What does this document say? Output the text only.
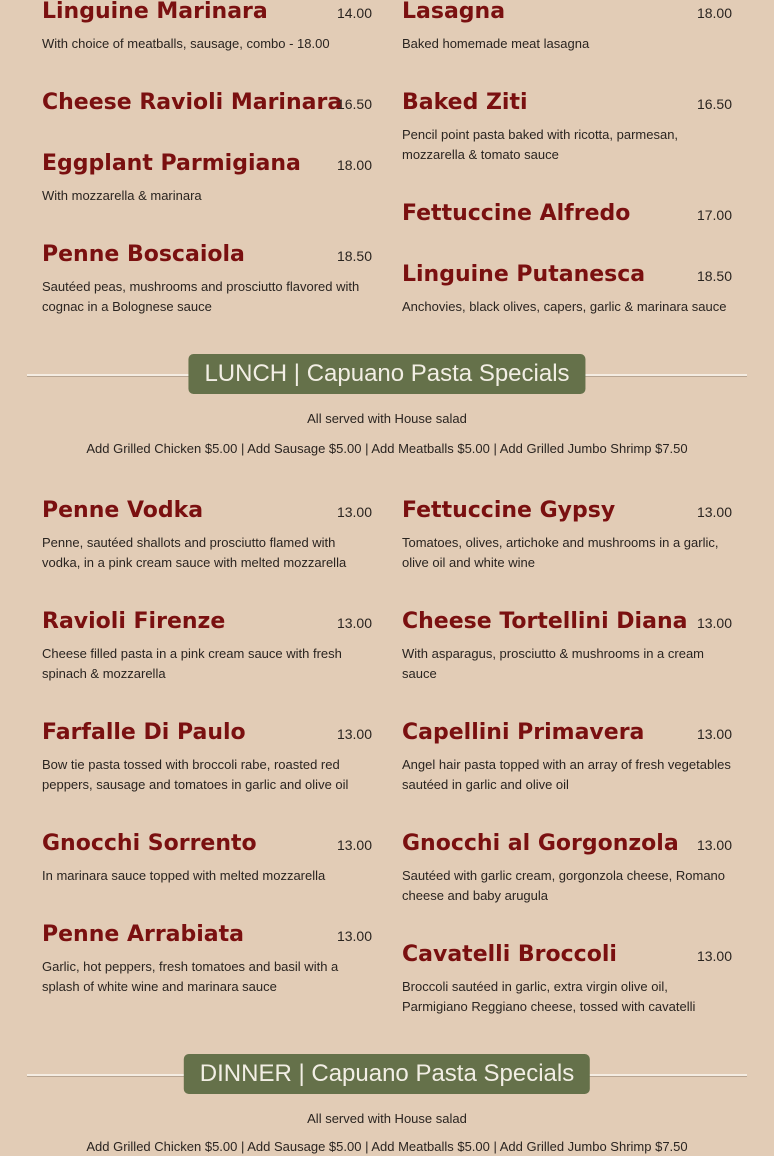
Linguine Marinara	14.00
With choice of meatballs, sausage, combo - 18.00
Cheese Ravioli Marinara
16.50
Eggplant Parmigiana	18.00
With mozzarella & marinara
Penne Boscaiola	18.50
Sautéed peas, mushrooms and prosciutto flavored with cognac in a Bolognese sauce
Lasagna	18.00
Baked homemade meat lasagna
Baked Ziti	16.50
Pencil point pasta baked with ricotta, parmesan, mozzarella & tomato sauce
Fettuccine Alfredo	17.00
Linguine Putanesca	18.50
Anchovies, black olives, capers, garlic & marinara sauce
LUNCH | Capuano Pasta Specials
All served with House salad
Add Grilled Chicken $5.00 | Add Sausage $5.00 | Add Meatballs $5.00 | Add Grilled Jumbo Shrimp $7.50
Penne Vodka	13.00
Penne, sautéed shallots and prosciutto flamed with vodka, in a pink cream sauce with melted mozzarella
Ravioli Firenze	13.00
Cheese filled pasta in a pink cream sauce with fresh spinach & mozzarella
Farfalle Di Paulo	13.00
Bow tie pasta tossed with broccoli rabe, roasted red peppers, sausage and tomatoes in garlic and olive oil
Gnocchi Sorrento	13.00
In marinara sauce topped with melted mozzarella
Penne Arrabiata	13.00
Garlic, hot peppers, fresh tomatoes and basil with a splash of white wine and marinara sauce
Fettuccine Gypsy	13.00
Tomatoes, olives, artichoke and mushrooms in a garlic, olive oil and white wine
Cheese Tortellini Diana 13.00
With asparagus, prosciutto & mushrooms in a cream sauce
Capellini Primavera	13.00
Angel hair pasta topped with an array of fresh vegetables sautéed in garlic and olive oil
Gnocchi al Gorgonzola 13.00
Sautéed with garlic cream, gorgonzola cheese, Romano cheese and baby arugula
Cavatelli Broccoli	13.00
Broccoli sautéed in garlic, extra virgin olive oil, Parmigiano Reggiano cheese, tossed with cavatelli
DINNER | Capuano Pasta Specials
All served with House salad
Add Grilled Chicken $5.00 | Add Sausage $5.00 | Add Meatballs $5.00 | Add Grilled Jumbo Shrimp $7.50
